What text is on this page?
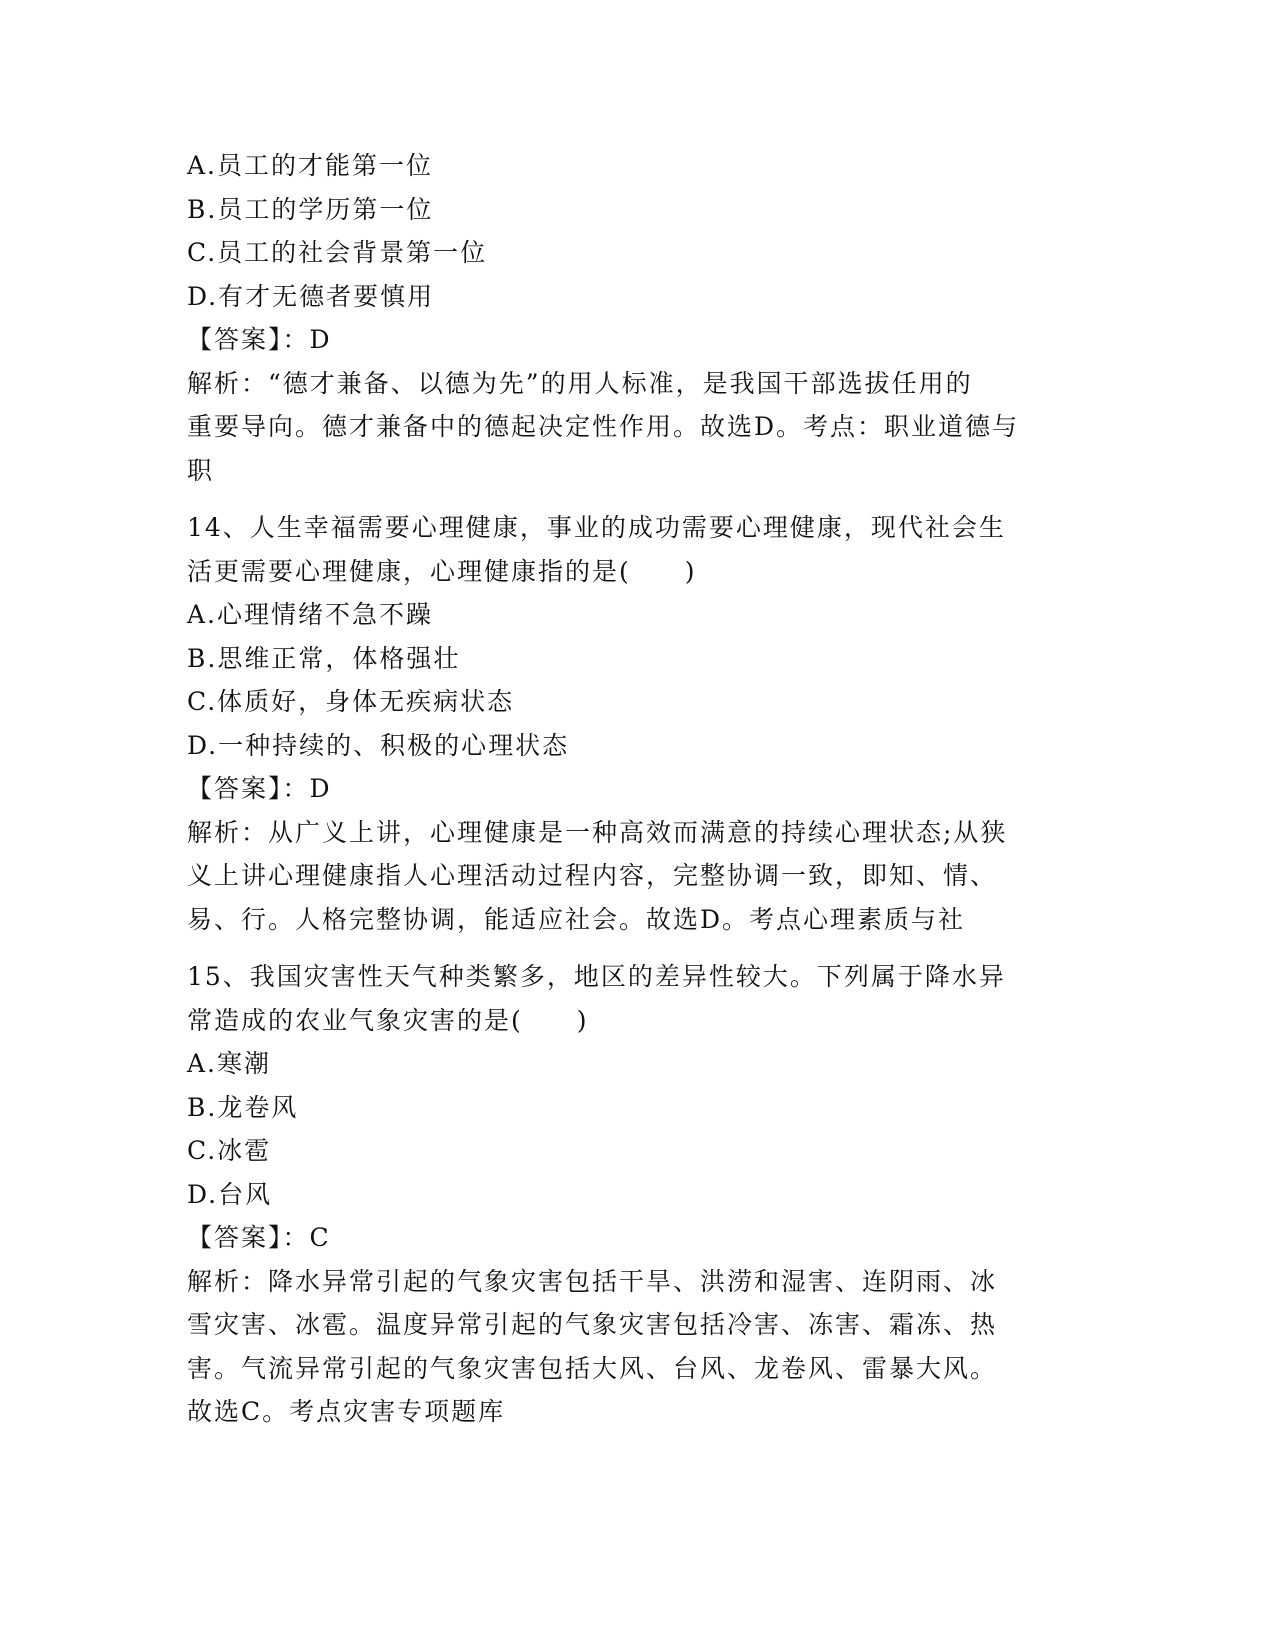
A.员工的才能第一位
B.员工的学历第一位
C.员工的社会背景第一位
D.有才无德者要慎用
【答案】：D
解析：“德才兼备、以德为先”的用人标准，是我国干部选拔任用的
重要导向。德才兼备中的德起决定性作用。故选D。考点：职业道德与
职
14、人生幸福需要心理健康，事业的成功需要心理健康，现代社会生
活更需要心理健康，心理健康指的是(　　)
A.心理情绪不急不躁
B.思维正常，体格强壮
C.体质好，身体无疾病状态
D.一种持续的、积极的心理状态
【答案】：D
解析：从广义上讲，心理健康是一种高效而满意的持续心理状态;从狭
义上讲心理健康指人心理活动过程内容，完整协调一致，即知、情、
易、行。人格完整协调，能适应社会。故选D。考点心理素质与社
15、我国灾害性天气种类繁多，地区的差异性较大。下列属于降水异
常造成的农业气象灾害的是(　　)
A.寒潮
B.龙卷风
C.冰雹
D.台风
【答案】：C
解析：降水异常引起的气象灾害包括干旱、洪涝和湿害、连阴雨、冰
雪灾害、冰雹。温度异常引起的气象灾害包括冷害、冻害、霜冻、热
害。气流异常引起的气象灾害包括大风、台风、龙卷风、雷暴大风。
故选C。考点灾害专项题库
